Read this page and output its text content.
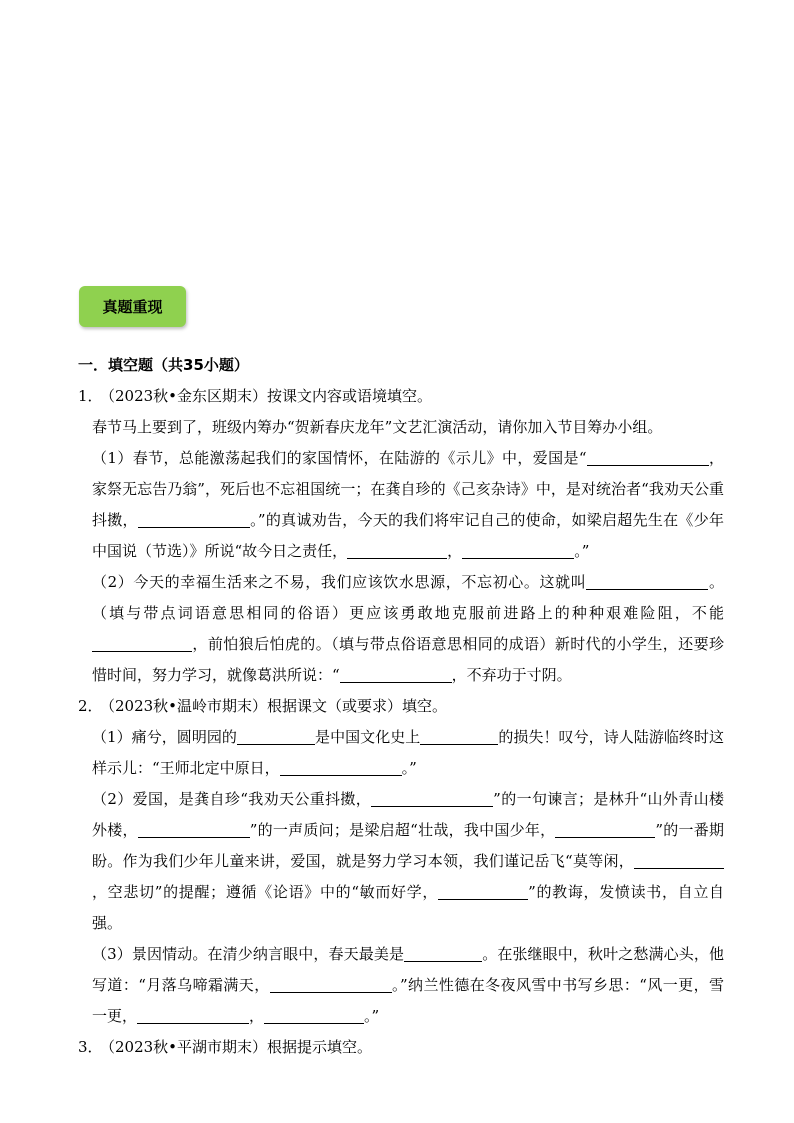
真题重现
一．填空题（共35小题）
1．（2023秋•金东区期末）按课文内容或语境填空。
春节马上要到了，班级内筹办“贺新春庆龙年”文艺汇演活动，请你加入节目筹办小组。
（1）春节，总能激荡起我们的家国情怀，在陆游的《示儿》中，爱国是“	，家祭无忘告乃翁”，死后也不忘祖国统一；在龚自珍的《己亥杂诗》中，是对统治者“我劝天公重抖擞，	。”的真诚劝告，今天的我们将牢记自己的使命，如梁启超先生在《少年中国说（节选）》所说“故今日之责任，	，	。”
（2）今天的幸福生活来之不易，我们应该饮水思源，不忘初心。这就叫	。（填与带点词语意思相同的俗语）更应该勇敢地克服前进路上的种种艰难险阻，不能，前怕狼后怕虎的。（填与带点俗语意思相同的成语）新时代的小学生，还要珍惜时间，努力学习，就像葛洪所说：“	，不弃功于寸阴。
2．（2023秋•温岭市期末）根据课文（或要求）填空。
（1）痛兮，圆明园的	是中国文化史上	的损失！叹兮，诗人陆游临终时这样示儿：“王师北定中原日，	。”
（2）爱国，是龚自珍“我劝天公重抖擞，	”的一句谏言；是林升“山外青山楼外楼，	”的一声质问；是梁启超“壮哉，我中国少年，	”的一番期盼。作为我们少年儿童来讲，爱国，就是努力学习本领，我们谨记岳飞“莫等闲，，空悲切”的提醒；遵循《论语》中的“敏而好学，	”的教诲，发愤读书，自立自强。
（3）景因情动。在清少纳言眼中，春天最美是	。在张继眼中，秋叶之愁满心头，他写道：“月落乌啼霜满天，	。”纳兰性德在冬夜风雪中书写乡思：“风一更，雪一更，	，	。”
3．（2023秋•平湖市期末）根据提示填空。
